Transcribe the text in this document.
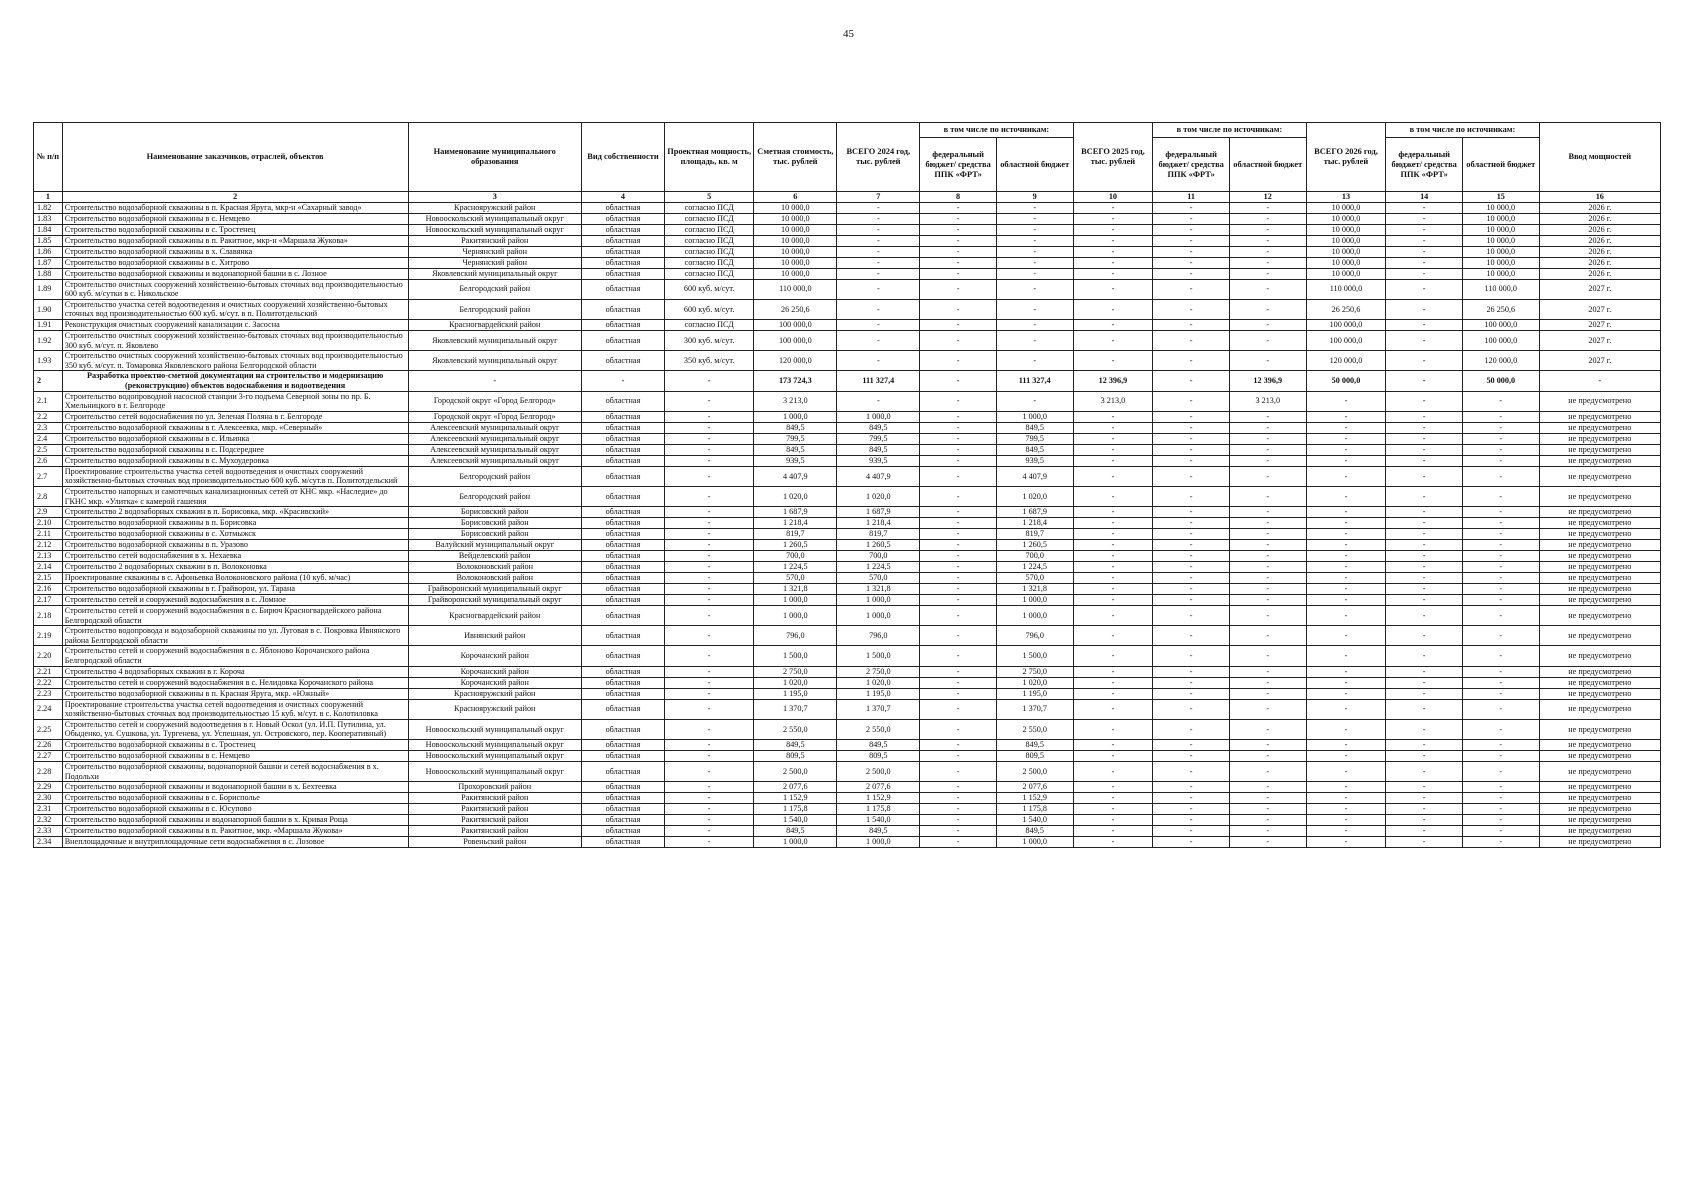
45
№ п/п	Наименование заказчиков, отраслей, объектов	Наименование муниципального образования	Вид собственности	Проектная мощность, площадь, кв. м	Сметная стоимость, тыс. рублей	ВСЕГО 2024 год, тыс. рублей	в том числе по источникам:		ВСЕГО 2025 год, тыс. рублей	в том числе по источникам:		ВСЕГО 2026 год, тыс. рублей	в том числе по источникам:		Ввод мощностей
							федеральный бюджет/ средства ППК «ФРТ»	областной бюджет		федеральный бюджет/ средства ППК «ФРТ»	областной бюджет		федеральный бюджет/ средства ППК «ФРТ»	областной бюджет	
1	2	3	4	5	6	7	8	9	10	11	12	13	14	15	16
1.82	Строительство водозаборной скважины в п. Красная Яруга, мкр-н «Сахарный завод»	Краснояружский район	областная	согласно ПСД	10 000,0	-	-	-	-	-	-	10 000,0	-	10 000,0	2026 г.
1.83	Строительство водозаборной скважины в с. Немцево	Новооскольский муниципальный округ	областная	согласно ПСД	10 000,0	-	-	-	-	-	-	10 000,0	-	10 000,0	2026 г.
1.84	Строительство водозаборной скважины в с. Тростенец	Новооскольский муниципальный округ	областная	согласно ПСД	10 000,0	-	-	-	-	-	-	10 000,0	-	10 000,0	2026 г.
1.85	Строительство водозаборной скважины в п. Ракитное, мкр-н «Маршала Жукова»	Ракитянский район	областная	согласно ПСД	10 000,0	-	-	-	-	-	-	10 000,0	-	10 000,0	2026 г.
1.86	Строительство водозаборной скважины в х. Славянка	Чернянский район	областная	согласно ПСД	10 000,0	-	-	-	-	-	-	10 000,0	-	10 000,0	2026 г.
1.87	Строительство водозаборной скважины в с. Хитрово	Чернянский район	областная	согласно ПСД	10 000,0	-	-	-	-	-	-	10 000,0	-	10 000,0	2026 г.
1.88	Строительство водозаборной скважины и водонапорной башни в с. Лозное	Яковлевский муниципальный округ	областная	согласно ПСД	10 000,0	-	-	-	-	-	-	10 000,0	-	10 000,0	2026 г.
1.89	Строительство очистных сооружений хозяйственно-бытовых сточных вод производительностью 600 куб. м/сутки в с. Никольское	Белгородский район	областная	600 куб. м/сут.	110 000,0	-	-	-	-	-	-	110 000,0	-	110 000,0	2027 г.
1.90	Строительство участка сетей водоотведения и очистных сооружений хозяйственно-бытовых сточных вод производительностью 600 куб. м/сут. в п. Политотдельский	Белгородский район	областная	600 куб. м/сут.	26 250,6	-	-	-	-	-	-	26 250,6	-	26 250,6	2027 г.
1.91	Реконструкция очистных сооружений канализации с. Засосна	Красногвардейский район	областная	согласно ПСД	100 000,0	-	-	-	-	-	-	100 000,0	-	100 000,0	2027 г.
1.92	Строительство очистных сооружений хозяйственно-бытовых сточных вод производительностью 300 куб. м/сут. п. Яковлево	Яковлевский муниципальный округ	областная	300 куб. м/сут.	100 000,0	-	-	-	-	-	-	100 000,0	-	100 000,0	2027 г.
1.93	Строительство очистных сооружений хозяйственно-бытовых сточных вод производительностью 350 куб. м/сут. п. Томаровка Яковлевского района Белгородской области	Яковлевский муниципальный округ	областная	350 куб. м/сут.	120 000,0	-	-	-	-	-	-	120 000,0	-	120 000,0	2027 г.
2	Разработка проектно-сметной документации на строительство и модернизацию (реконструкцию) объектов водоснабжения и водоотведения	-	-	-	173 724,3	111 327,4	-	111 327,4	12 396,9	-	12 396,9	50 000,0	-	50 000,0	-
2.1	Строительство водопроводной насосной станции 3-го подъема Северной зоны по пр. Б. Хмельницкого в г. Белгороде	Городской округ «Город Белгород»	областная	-	3 213,0	-	-	-	3 213,0	-	3 213,0	-	-	-	не предусмотрено
2.2	Строительство сетей водоснабжения по ул. Зеленая Поляна в г. Белгороде	Городской округ «Город Белгород»	областная	-	1 000,0	1 000,0	-	1 000,0	-	-	-	-	-	-	не предусмотрено
2.3	Строительство водозаборной скважины в г. Алексеевка, мкр. «Северный»	Алексеевский муниципальный округ	областная	-	849,5	849,5	-	849,5	-	-	-	-	-	-	не предусмотрено
2.4	Строительство водозаборной скважины в с. Ильинка	Алексеевский муниципальный округ	областная	-	799,5	799,5	-	799,5	-	-	-	-	-	-	не предусмотрено
2.5	Строительство водозаборной скважины в с. Подсереднее	Алексеевский муниципальный округ	областная	-	849,5	849,5	-	849,5	-	-	-	-	-	-	не предусмотрено
2.6	Строительство водозаборной скважины в с. Мухоудеровка	Алексеевский муниципальный округ	областная	-	939,5	939,5	-	939,5	-	-	-	-	-	-	не предусмотрено
2.7	Проектирование строительства участка сетей водоотведения и очистных сооружений хозяйственно-бытовых сточных вод производительностью 600 куб. м/сут.в п. Политотдельский	Белгородский район	областная	-	4 407,9	4 407,9	-	4 407,9	-	-	-	-	-	-	не предусмотрено
2.8	Строительство напорных и самотечных канализационных сетей от КНС мкр. «Наследие» до ГКНС мкр. «Улитка» с камерой гашения	Белгородский район	областная	-	1 020,0	1 020,0	-	1 020,0	-	-	-	-	-	-	не предусмотрено
2.9	Строительство 2 водозаборных скважин в п. Борисовка, мкр. «Красивский»	Борисовский район	областная	-	1 687,9	1 687,9	-	1 687,9	-	-	-	-	-	-	не предусмотрено
2.10	Строительство водозаборной скважины в п. Борисовка	Борисовский район	областная	-	1 218,4	1 218,4	-	1 218,4	-	-	-	-	-	-	не предусмотрено
2.11	Строительство водозаборной скважины в с. Хотмыжск	Борисовский район	областная	-	819,7	819,7	-	819,7	-	-	-	-	-	-	не предусмотрено
2.12	Строительство водозаборной скважины в п. Уразово	Валуйский муниципальный округ	областная	-	1 260,5	1 260,5	-	1 260,5	-	-	-	-	-	-	не предусмотрено
2.13	Строительство сетей водоснабжения в х. Нехаевка	Вейделевский район	областная	-	700,0	700,0	-	700,0	-	-	-	-	-	-	не предусмотрено
2.14	Строительство 2 водозаборных скважин в п. Волоконовка	Волоконовский район	областная	-	1 224,5	1 224,5	-	1 224,5	-	-	-	-	-	-	не предусмотрено
2.15	Проектирование скважины в с. Афоньевка Волоконовского района (10 куб. м/час)	Волоконовский район	областная	-	570,0	570,0	-	570,0	-	-	-	-	-	-	не предусмотрено
2.16	Строительство водозаборной скважины в г. Грайворон, ул. Тарана	Грайворонский муниципальный округ	областная	-	1 321,8	1 321,8	-	1 321,8	-	-	-	-	-	-	не предусмотрено
2.17	Строительство сетей и сооружений водоснабжения в с. Ломное	Грайворонский муниципальный округ	областная	-	1 000,0	1 000,0	-	1 000,0	-	-	-	-	-	-	не предусмотрено
2.18	Строительство сетей и сооружений водоснабжения в с. Бирюч Красногвардейского района Белгородской области	Красногвардейский район	областная	-	1 000,0	1 000,0	-	1 000,0	-	-	-	-	-	-	не предусмотрено
2.19	Строительство водопровода и водозаборной скважины по ул. Луговая в с. Покровка Ивнянского района Белгородской области	Ивнянский район	областная	-	796,0	796,0	-	796,0	-	-	-	-	-	-	не предусмотрено
2.20	Строительство сетей и сооружений водоснабжения в с. Яблоново Корочанского района Белгородской области	Корочанский район	областная	-	1 500,0	1 500,0	-	1 500,0	-	-	-	-	-	-	не предусмотрено
2.21	Строительство 4 водозаборных скважин в г. Короча	Корочанский район	областная	-	2 750,0	2 750,0	-	2 750,0	-	-	-	-	-	-	не предусмотрено
2.22	Строительство сетей и сооружений водоснабжения в с. Нелидовка Корочанского района	Корочанский район	областная	-	1 020,0	1 020,0	-	1 020,0	-	-	-	-	-	-	не предусмотрено
2.23	Строительство водозаборной скважины в п. Красная Яруга, мкр. «Южный»	Краснояружский район	областная	-	1 195,0	1 195,0	-	1 195,0	-	-	-	-	-	-	не предусмотрено
2.24	Проектирование строительства участка сетей водоотведения и очистных сооружений хозяйственно-бытовых сточных вод производительностью 15 куб. м/сут. в с. Колотиловка	Краснояружский район	областная	-	1 370,7	1 370,7	-	1 370,7	-	-	-	-	-	-	не предусмотрено
2.25	Строительство сетей и сооружений водоотведения в г. Новый Оскол (ул. И.П. Путилина, ул. Обыденко, ул. Сушкова, ул. Тургенева, ул. Успешная, ул. Островского, пер. Кооперативный)	Новооскольский муниципальный округ	областная	-	2 550,0	2 550,0	-	2 550,0	-	-	-	-	-	-	не предусмотрено
2.26	Строительство водозаборной скважины в с. Тростенец	Новооскольский муниципальный округ	областная	-	849,5	849,5	-	849,5	-	-	-	-	-	-	не предусмотрено
2.27	Строительство водозаборной скважины в с. Немцево	Новооскольский муниципальный округ	областная	-	809,5	809,5	-	809,5	-	-	-	-	-	-	не предусмотрено
2.28	Строительство водозаборной скважины, водонапорной башни и сетей водоснабжения в х. Подольхи	Новооскольский муниципальный округ	областная	-	2 500,0	2 500,0	-	2 500,0	-	-	-	-	-	-	не предусмотрено
2.29	Строительство водозаборной скважины и водонапорной башни в х. Бехтеевка	Прохоровский район	областная	-	2 077,6	2 077,6	-	2 077,6	-	-	-	-	-	-	не предусмотрено
2.30	Строительство водозаборной скважины в с. Бориспольe	Ракитянский район	областная	-	1 152,9	1 152,9	-	1 152,9	-	-	-	-	-	-	не предусмотрено
2.31	Строительство водозаборной скважины в с. Юсупово	Ракитянский район	областная	-	1 175,8	1 175,8	-	1 175,8	-	-	-	-	-	-	не предусмотрено
2.32	Строительство водозаборной скважины и водонапорной башни в х. Кривая Роща	Ракитянский район	областная	-	1 540,0	1 540,0	-	1 540,0	-	-	-	-	-	-	не предусмотрено
2.33	Строительство водозаборной скважины в п. Ракитное, мкр. «Маршала Жукова»	Ракитянский район	областная	-	849,5	849,5	-	849,5	-	-	-	-	-	-	не предусмотрено
2.34	Внеплощадочные и внутриплощадочные сети водоснабжения в с. Лозовое	Ровеньский район	областная	-	1 000,0	1 000,0	-	1 000,0	-	-	-	-	-	-	не предусмотрено
